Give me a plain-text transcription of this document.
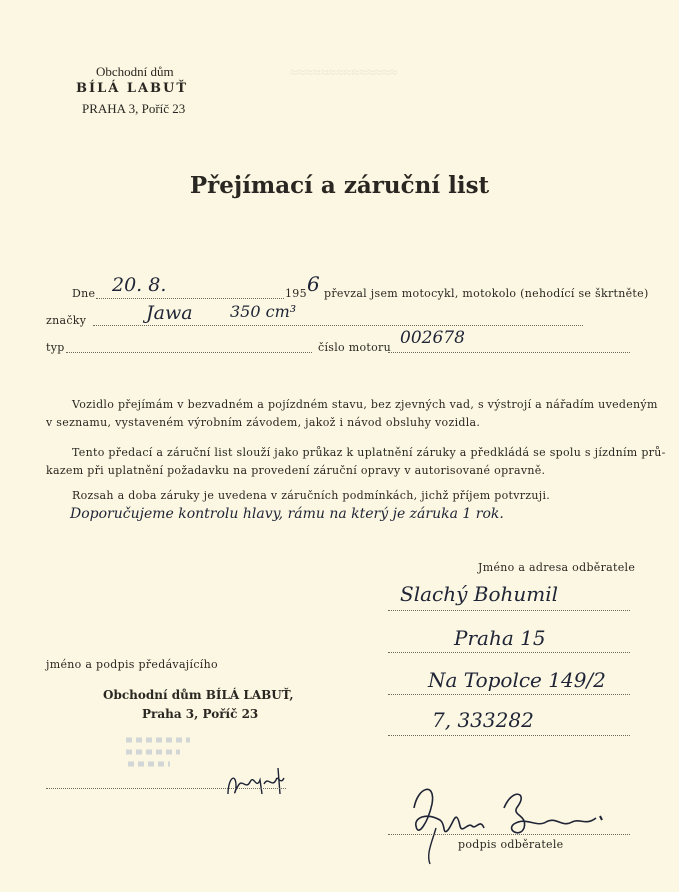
≈≈≈≈≈≈≈≈≈≈≈≈≈≈
Obchodní dům
BÍLÁ LABUŤ
PRAHA 3, Poříč 23
Přejímací a záruční list
Dne 20. 8.	195 6 převzal jsem motocykl, motokolo (nehodící se škrtněte)
značky	Jawa 350 cm³
typ	číslo motoru 002678
Vozidlo přejímám v bezvadném a pojízdném stavu, bez zjevných vad, s výstrojí a nářadím uvedeným
v seznamu, vystaveném výrobním závodem, jakož i návod obsluhy vozidla.
Tento předací a záruční list slouží jako průkaz k uplatnění záruky a předkládá se spolu s jízdním prů-
kazem při uplatnění požadavku na provedení záruční opravy v autorisované opravně.
Rozsah a doba záruky je uvedena v záručních podmínkách, jichž příjem potvrzuji.
Doporučujeme kontrolu hlavy, rámu na který je záruka 1 rok.
Jméno a adresa odběratele
Slachý Bohumil
Praha 15
Na Topolce 149/2
7, 333282
podpis odběratele
jméno a podpis předávajícího
Obchodní dům BÍLÁ LABUŤ,
Praha 3, Poříč 23
